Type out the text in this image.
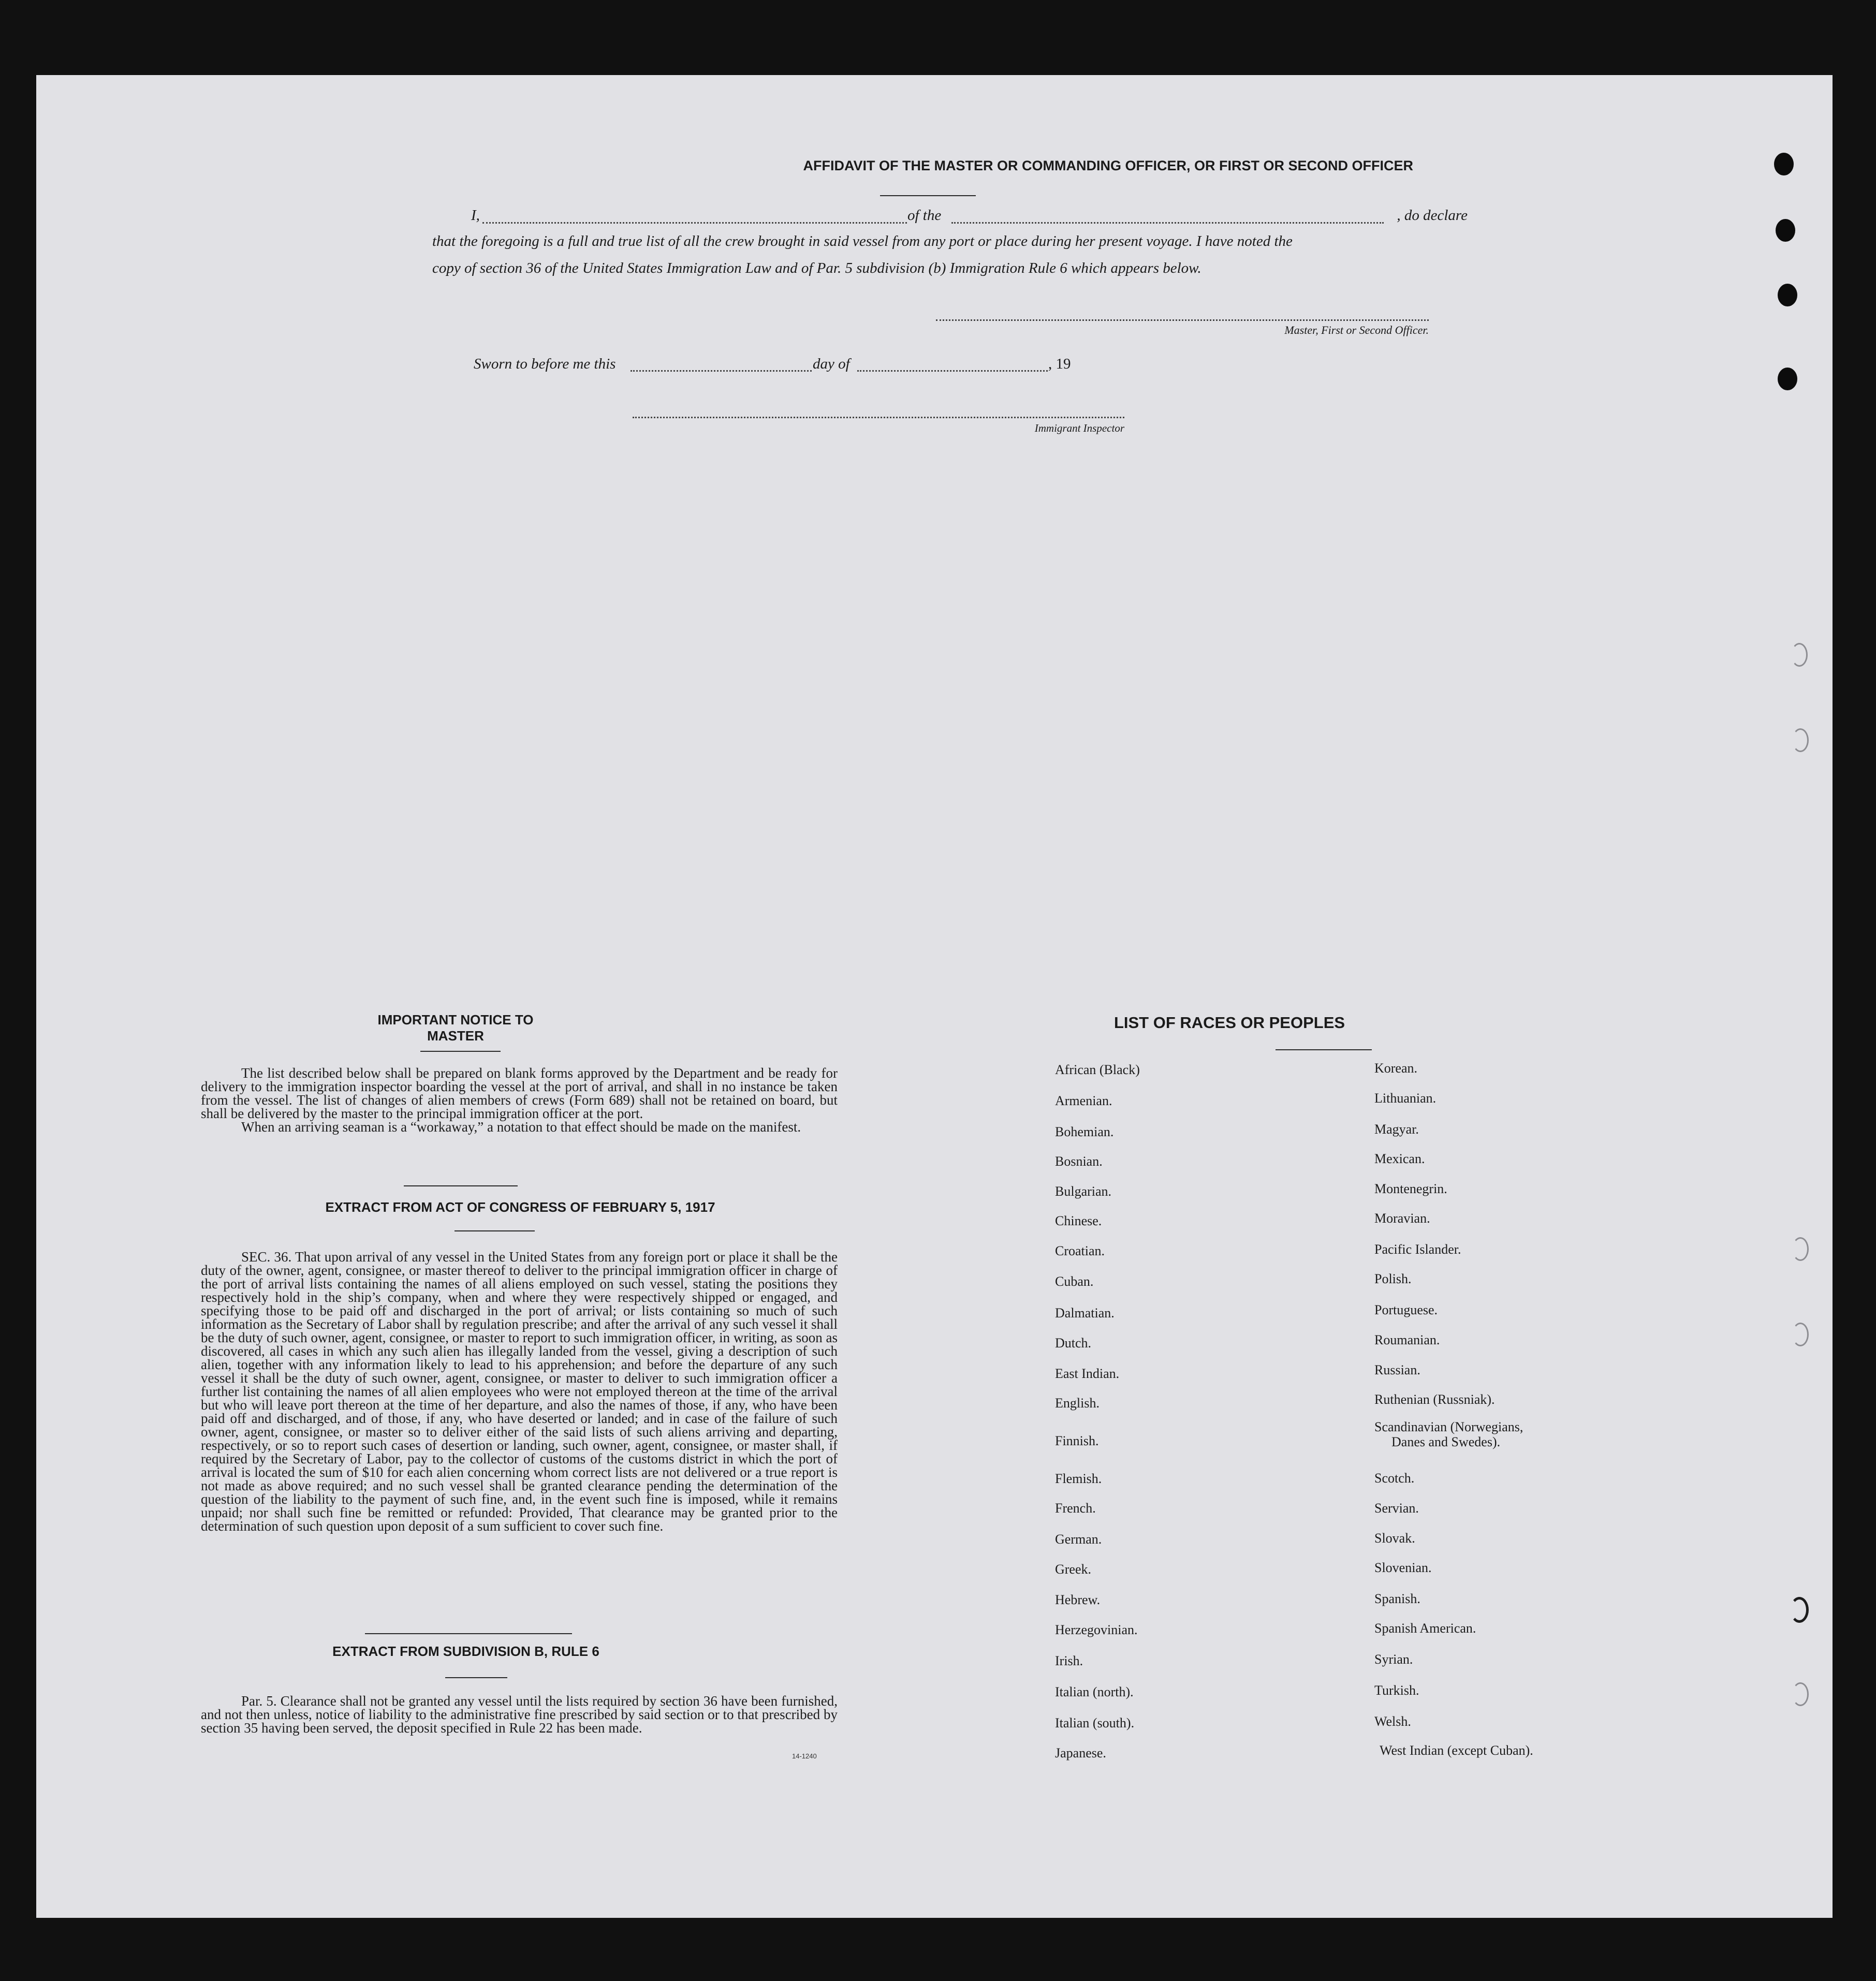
AFFIDAVIT OF THE MASTER OR COMMANDING OFFICER, OR FIRST OR SECOND OFFICER
I,	of the	, do declare
that the foregoing is a full and true list of all the crew brought in said vessel from any port or place during her present voyage. I have noted the
copy of section 36 of the United States Immigration Law and of Par. 5 subdivision (b) Immigration Rule 6 which appears below.
Master, First or Second Officer.
Sworn to before me this	day of	, 19
Immigrant Inspector
IMPORTANT NOTICE TO MASTER

The list described below shall be prepared on blank forms approved by the Department and be ready for delivery to the immigration inspector boarding the vessel at the port of arrival, and shall in no instance be taken from the vessel. The list of changes of alien members of crews (Form 689) shall not be retained on board, but shall be delivered by the master to the principal immigration officer at the port.

When an arriving seaman is a “workaway,” a notation to that effect should be made on the manifest.

EXTRACT FROM ACT OF CONGRESS OF FEBRUARY 5, 1917

SEC. 36. That upon arrival of any vessel in the United States from any foreign port or place it shall be the duty of the owner, agent, consignee, or master thereof to deliver to the principal immigration officer in charge of the port of arrival lists containing the names of all aliens employed on such vessel, stating the positions they respectively hold in the ship’s company, when and where they were respectively shipped or engaged, and specifying those to be paid off and discharged in the port of arrival; or lists containing so much of such information as the Secretary of Labor shall by regulation prescribe; and after the arrival of any such vessel it shall be the duty of such owner, agent, consignee, or master to report to such immigration officer, in writing, as soon as discovered, all cases in which any such alien has illegally landed from the vessel, giving a description of such alien, together with any information likely to lead to his apprehension; and before the departure of any such vessel it shall be the duty of such owner, agent, consignee, or master to deliver to such immigration officer a further list containing the names of all alien employees who were not employed thereon at the time of the arrival but who will leave port thereon at the time of her departure, and also the names of those, if any, who have been paid off and discharged, and of those, if any, who have deserted or landed; and in case of the failure of such owner, agent, consignee, or master so to deliver either of the said lists of such aliens arriving and departing, respectively, or so to report such cases of desertion or landing, such owner, agent, consignee, or master shall, if required by the Secretary of Labor, pay to the collector of customs of the customs district in which the port of arrival is located the sum of $10 for each alien concerning whom correct lists are not delivered or a true report is not made as above required; and no such vessel shall be granted clearance pending the determination of the question of the liability to the payment of such fine, and, in the event such fine is imposed, while it remains unpaid; nor shall such fine be remitted or refunded: Provided, That clearance may be granted prior to the determination of such question upon deposit of a sum sufficient to cover such fine.

EXTRACT FROM SUBDIVISION B, RULE 6

Par. 5. Clearance shall not be granted any vessel until the lists required by section 36 have been furnished, and not then unless, notice of liability to the administrative fine prescribed by said section or to that prescribed by section 35 having been served, the deposit specified in Rule 22 has been made.

14-1240
LIST OF RACES OR PEOPLES
African (Black)
Armenian.
Bohemian.
Bosnian.
Bulgarian.
Chinese.
Croatian.
Cuban.
Dalmatian.
Dutch.
East Indian.
English.
Finnish.
Flemish.
French.
German.
Greek.
Hebrew.
Herzegovinian.
Irish.
Italian (north).
Italian (south).
Japanese.
Korean.
Lithuanian.
Magyar.
Mexican.
Montenegrin.
Moravian.
Pacific Islander.
Polish.
Portuguese.
Roumanian.
Russian.
Ruthenian (Russniak).
Scandinavian (Norwegians,
Danes and Swedes).
Scotch.
Servian.
Slovak.
Slovenian.
Spanish.
Spanish American.
Syrian.
Turkish.
Welsh.
West Indian (except Cuban).
